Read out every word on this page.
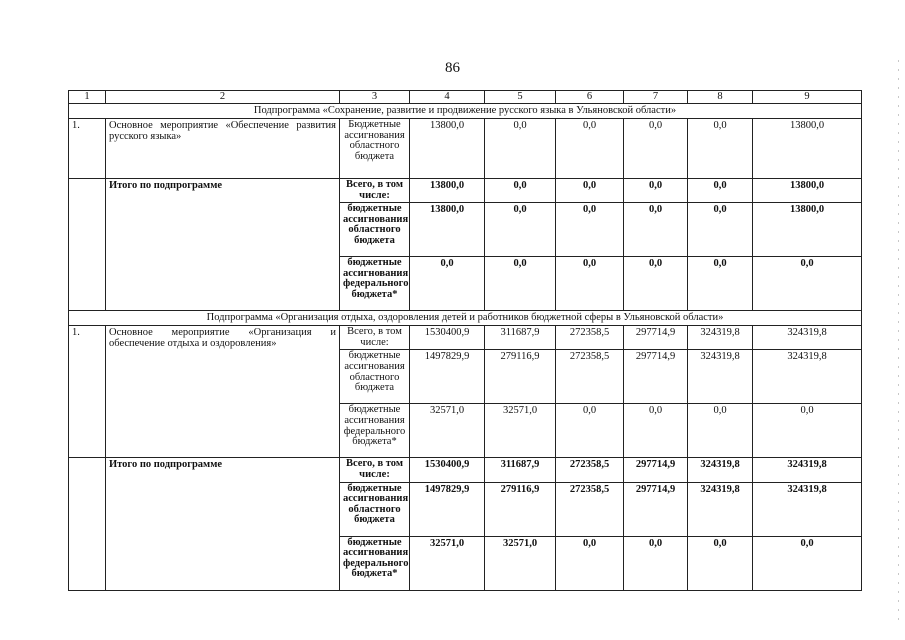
86
1	2	3	4	5	6	7	8	9
Подпрограмма «Сохранение, развитие и продвижение русского языка в Ульяновской области»								
1.	Основное мероприятие «Обеспечение развития русского языка»	Бюджетные ассигнования областного бюджета	13800,0	0,0	0,0	0,0	0,0	13800,0
	Итого по подпрограмме	Всего, в том числе:	13800,0	0,0	0,0	0,0	0,0	13800,0
		бюджетные ассигнования областного бюджета	13800,0	0,0	0,0	0,0	0,0	13800,0
		бюджетные ассигнования федерального бюджета*	0,0	0,0	0,0	0,0	0,0	0,0
Подпрограмма «Организация отдыха, оздоровления детей и работников бюджетной сферы в Ульяновской области»								
1.	Основное мероприятие «Организация и обеспечение отдыха и оздоровления»	Всего, в том числе:	1530400,9	311687,9	272358,5	297714,9	324319,8	324319,8
		бюджетные ассигнования областного бюджета	1497829,9	279116,9	272358,5	297714,9	324319,8	324319,8
		бюджетные ассигнования федерального бюджета*	32571,0	32571,0	0,0	0,0	0,0	0,0
	Итого по подпрограмме	Всего, в том числе:	1530400,9	311687,9	272358,5	297714,9	324319,8	324319,8
		бюджетные ассигнования областного бюджета	1497829,9	279116,9	272358,5	297714,9	324319,8	324319,8
		бюджетные ассигнования федерального бюджета*	32571,0	32571,0	0,0	0,0	0,0	0,0
